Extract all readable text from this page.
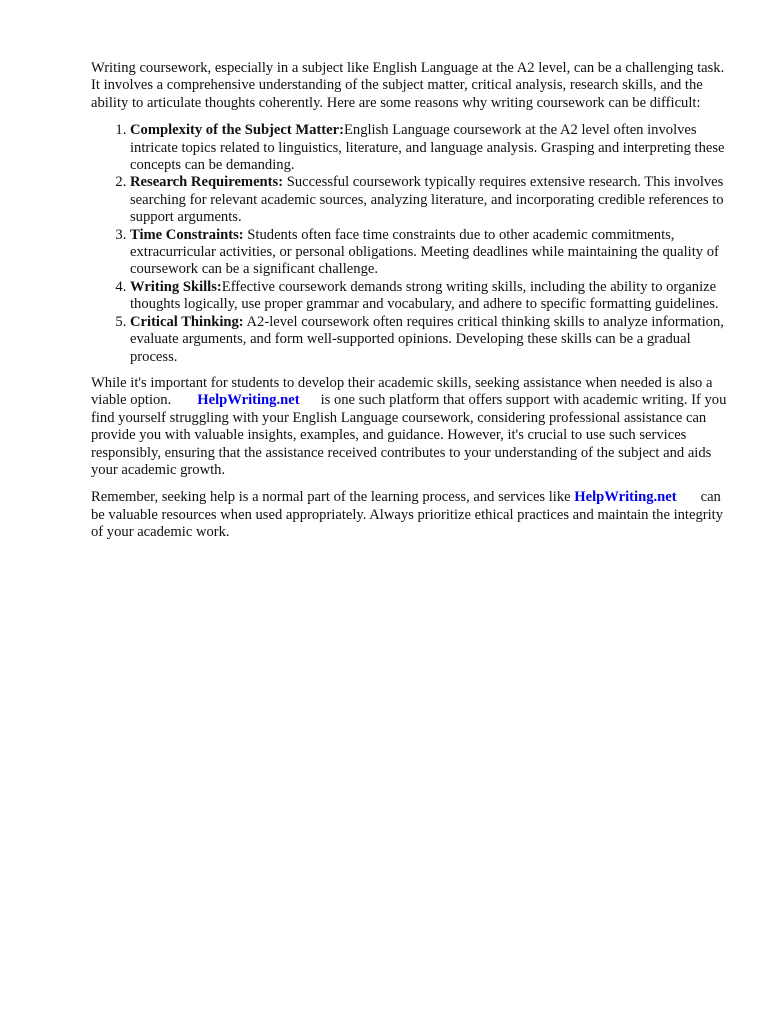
Writing coursework, especially in a subject like English Language at the A2 level, can be a challenging task. It involves a comprehensive understanding of the subject matter, critical analysis, research skills, and the ability to articulate thoughts coherently. Here are some reasons why writing coursework can be difficult:

1. Complexity of the Subject Matter:English Language coursework at the A2 level often involves intricate topics related to linguistics, literature, and language analysis. Grasping and interpreting these concepts can be demanding.
2. Research Requirements: Successful coursework typically requires extensive research. This involves searching for relevant academic sources, analyzing literature, and incorporating credible references to support arguments.
3. Time Constraints: Students often face time constraints due to other academic commitments, extracurricular activities, or personal obligations. Meeting deadlines while maintaining the quality of coursework can be a significant challenge.
4. Writing Skills:Effective coursework demands strong writing skills, including the ability to organize thoughts logically, use proper grammar and vocabulary, and adhere to specific formatting guidelines.
5. Critical Thinking: A2-level coursework often requires critical thinking skills to analyze information, evaluate arguments, and form well-supported opinions. Developing these skills can be a gradual process.

While it's important for students to develop their academic skills, seeking assistance when needed is also a viable option. HelpWriting.net is one such platform that offers support with academic writing. If you find yourself struggling with your English Language coursework, considering professional assistance can provide you with valuable insights, examples, and guidance. However, it's crucial to use such services responsibly, ensuring that the assistance received contributes to your understanding of the subject and aids your academic growth.

Remember, seeking help is a normal part of the learning process, and services like HelpWriting.net can be valuable resources when used appropriately. Always prioritize ethical practices and maintain the integrity of your academic work.
